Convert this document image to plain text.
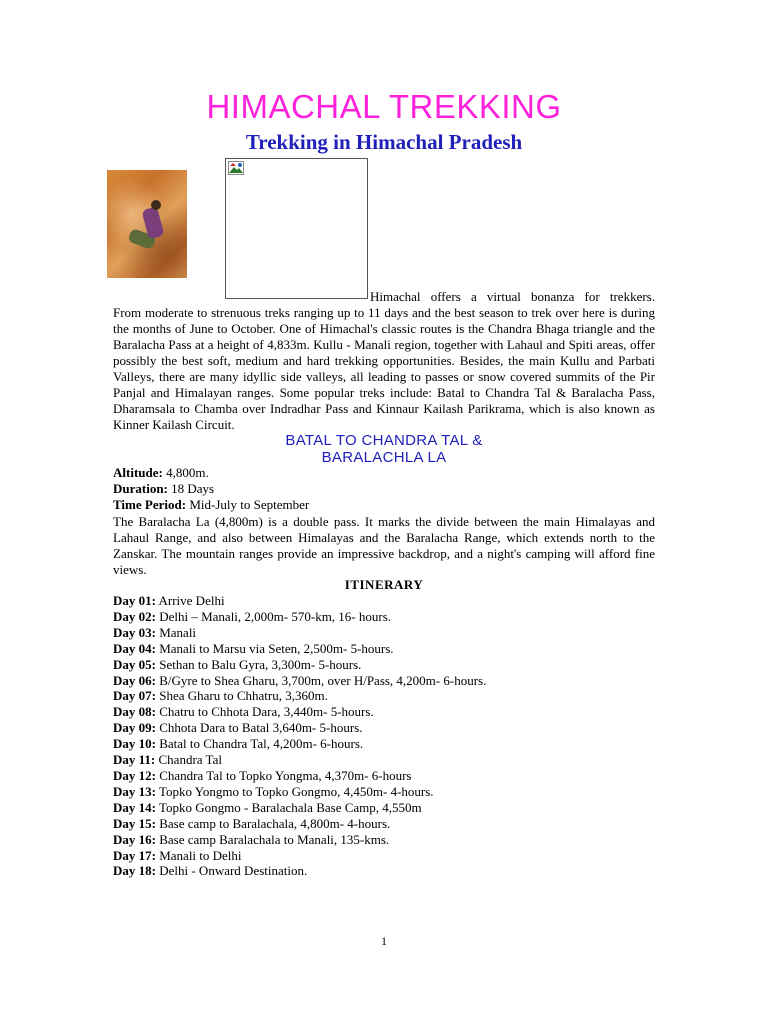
HIMACHAL TREKKING
Trekking in Himachal Pradesh
Himachal offers a virtual bonanza for trekkers.

From moderate to strenuous treks ranging up to 11 days and the best season to trek over here is during the months of June to October. One of Himachal's classic routes is the Chandra Bhaga triangle and the Baralacha Pass at a height of 4,833m. Kullu - Manali region, together with Lahaul and Spiti areas, offer possibly the best soft, medium and hard trekking opportunities. Besides, the main Kullu and Parbati Valleys, there are many idyllic side valleys, all leading to passes or snow covered summits of the Pir Panjal and Himalayan ranges. Some popular treks include: Batal to Chandra Tal & Baralacha Pass, Dharamsala to Chamba over Indradhar Pass and Kinnaur Kailash Parikrama, which is also known as Kinner Kailash Circuit.

BATAL TO CHANDRA TAL &
BARALACHLA LA
Altitude: 4,800m.
Duration: 18 Days
Time Period: Mid-July to September

The Baralacha La (4,800m) is a double pass. It marks the divide between the main Himalayas and Lahaul Range, and also between Himalayas and the Baralacha Range, which extends north to the Zanskar. The mountain ranges provide an impressive backdrop, and a night's camping will afford fine views.

ITINERARY
Day 01: Arrive Delhi
Day 02: Delhi – Manali, 2,000m- 570-km, 16- hours.
Day 03: Manali
Day 04: Manali to Marsu via Seten, 2,500m- 5-hours.
Day 05: Sethan to Balu Gyra, 3,300m- 5-hours.
Day 06: B/Gyre to Shea Gharu, 3,700m, over H/Pass, 4,200m- 6-hours.
Day 07: Shea Gharu to Chhatru, 3,360m.
Day 08: Chatru to Chhota Dara, 3,440m- 5-hours.
Day 09: Chhota Dara to Batal 3,640m- 5-hours.
Day 10: Batal to Chandra Tal, 4,200m- 6-hours.
Day 11: Chandra Tal
Day 12: Chandra Tal to Topko Yongma, 4,370m- 6-hours
Day 13: Topko Yongmo to Topko Gongmo, 4,450m- 4-hours.
Day 14: Topko Gongmo - Baralachala Base Camp, 4,550m
Day 15: Base camp to Baralachala, 4,800m- 4-hours.
Day 16: Base camp Baralachala to Manali, 135-kms.
Day 17: Manali to Delhi
Day 18: Delhi - Onward Destination.
1
